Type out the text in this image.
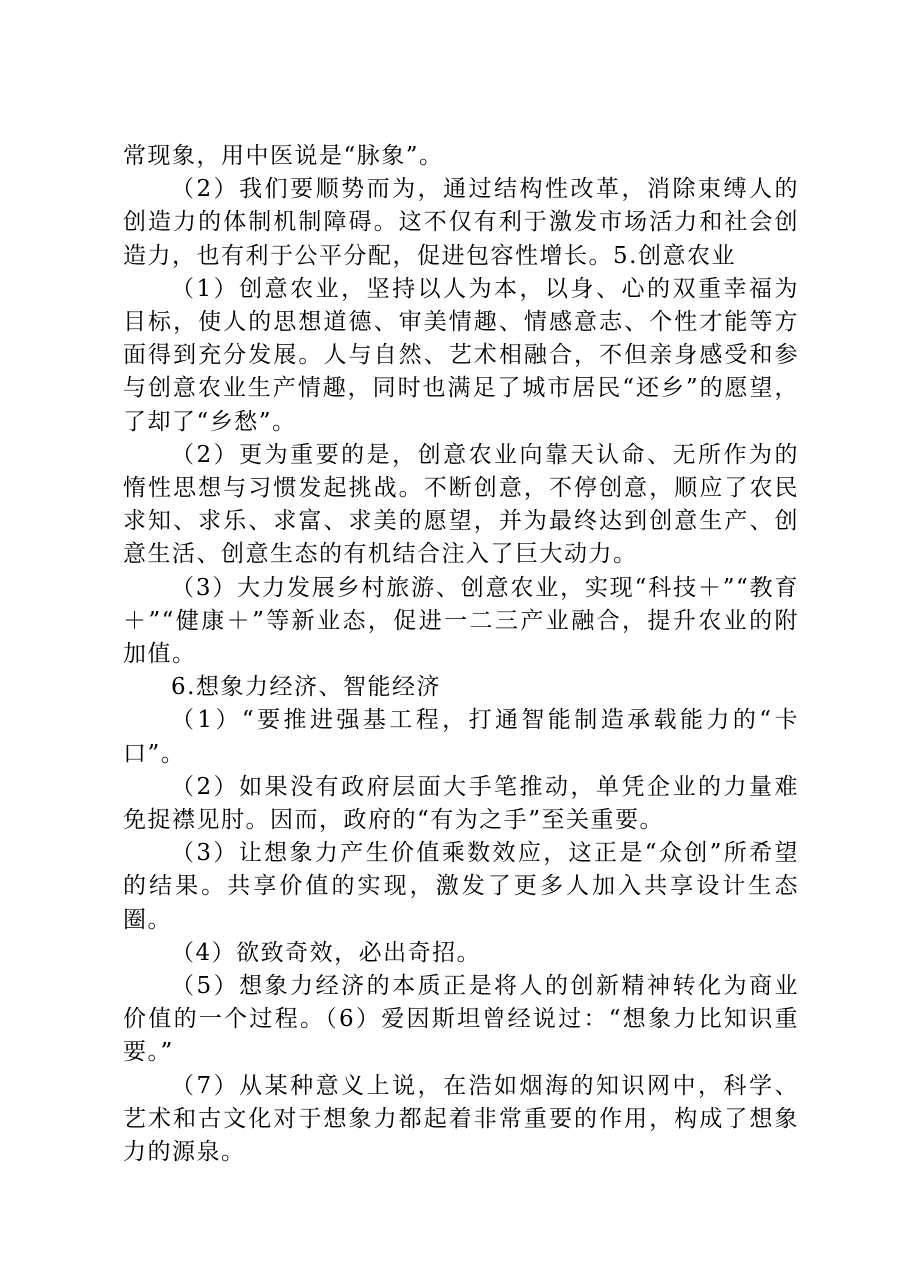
常现象，用中医说是“脉象”。

（2）我们要顺势而为，通过结构性改革，消除束缚人的创造力的体制机制障碍。这不仅有利于激发市场活力和社会创造力，也有利于公平分配，促进包容性增长。5.创意农业

（1）创意农业，坚持以人为本，以身、心的双重幸福为目标，使人的思想道德、审美情趣、情感意志、个性才能等方面得到充分发展。人与自然、艺术相融合，不但亲身感受和参与创意农业生产情趣，同时也满足了城市居民“还乡”的愿望，了却了“乡愁”。

（2）更为重要的是，创意农业向靠天认命、无所作为的惰性思想与习惯发起挑战。不断创意，不停创意，顺应了农民求知、求乐、求富、求美的愿望，并为最终达到创意生产、创意生活、创意生态的有机结合注入了巨大动力。

（3）大力发展乡村旅游、创意农业，实现“科技＋”“教育＋”“健康＋”等新业态，促进一二三产业融合，提升农业的附加值。

6.想象力经济、智能经济

（1）“要推进强基工程，打通智能制造承载能力的“卡口”。

（2）如果没有政府层面大手笔推动，单凭企业的力量难免捉襟见肘。因而，政府的“有为之手”至关重要。

（3）让想象力产生价值乘数效应，这正是“众创”所希望的结果。共享价值的实现，激发了更多人加入共享设计生态圈。

（4）欲致奇效，必出奇招。

（5）想象力经济的本质正是将人的创新精神转化为商业价值的一个过程。（6）爱因斯坦曾经说过：“想象力比知识重要。”

（7）从某种意义上说，在浩如烟海的知识网中，科学、艺术和古文化对于想象力都起着非常重要的作用，构成了想象力的源泉。
